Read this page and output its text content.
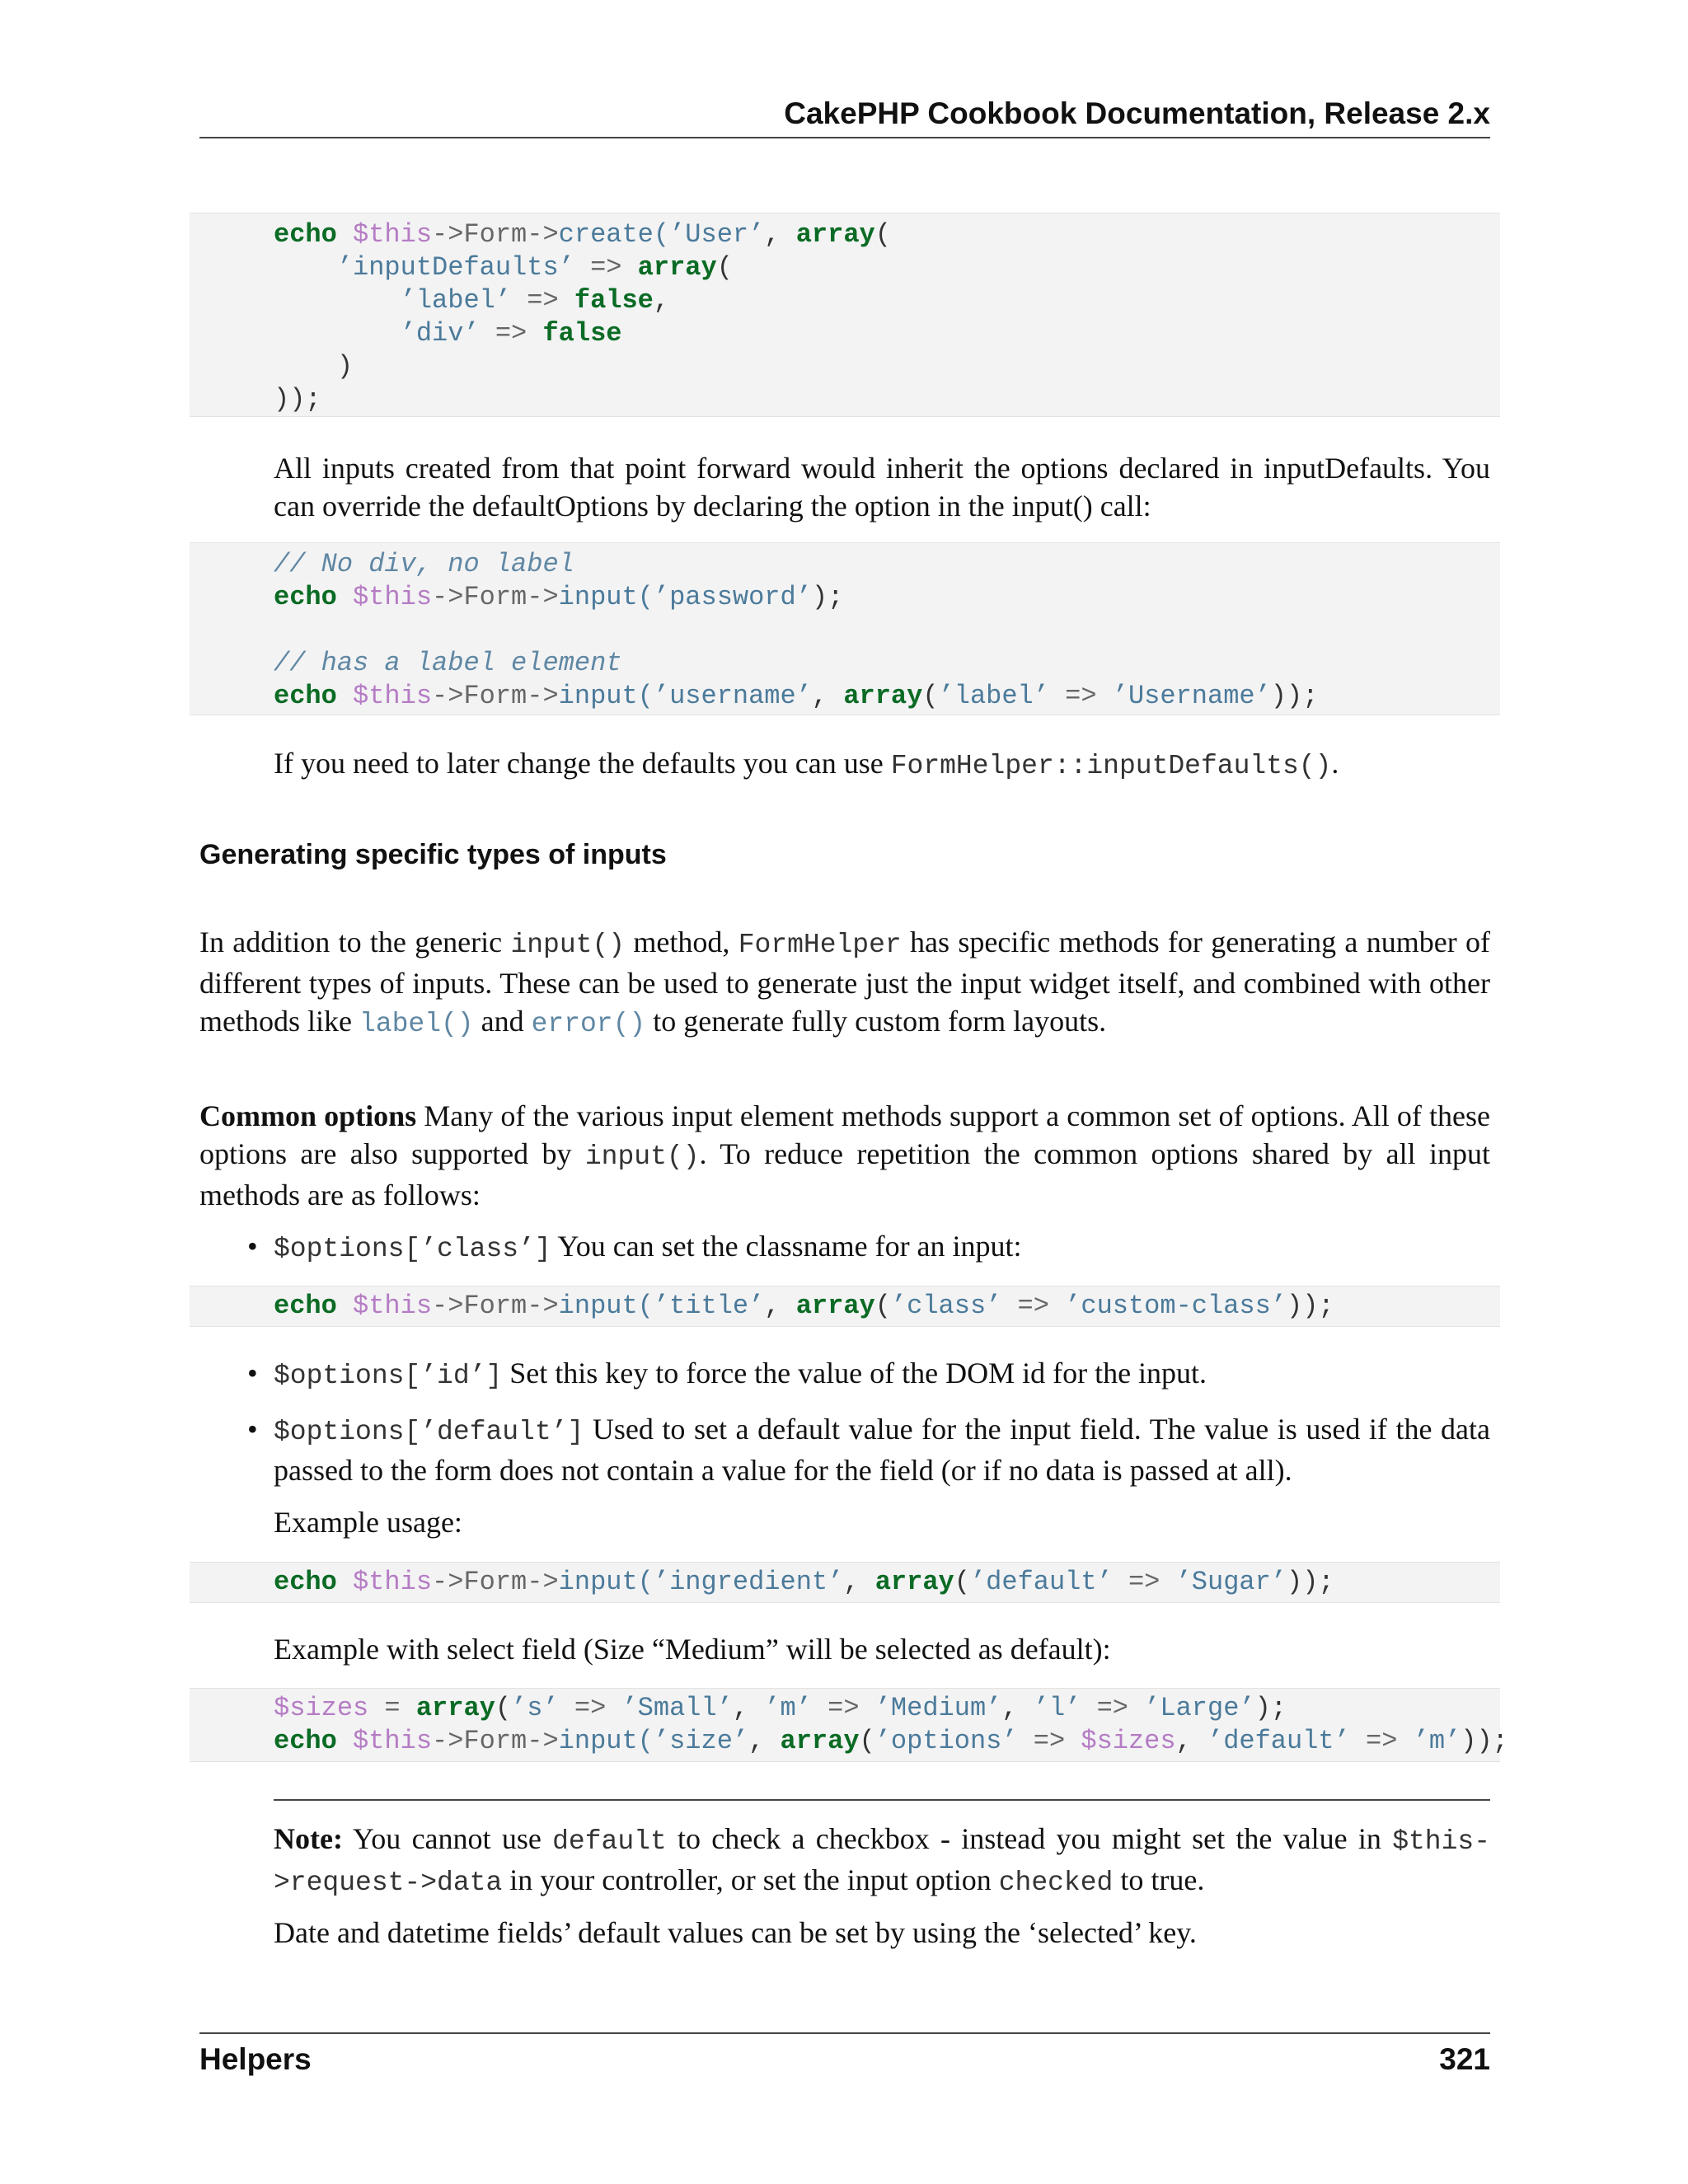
CakePHP Cookbook Documentation, Release 2.x
echo $this->Form->create(’User’, array(
’inputDefaults’ => array(
’label’ => false,
’div’ => false
)
));
All inputs created from that point forward would inherit the options declared in inputDefaults. You can override the defaultOptions by declaring the option in the input() call:
// No div, no label
echo $this->Form->input(’password’);

// has a label element
echo $this->Form->input(’username’, array(’label’ => ’Username’));
If you need to later change the defaults you can use FormHelper::inputDefaults().
Generating specific types of inputs
In addition to the generic input() method, FormHelper has specific methods for generating a number of different types of inputs. These can be used to generate just the input widget itself, and combined with other methods like label() and error() to generate fully custom form layouts.
Common options Many of the various input element methods support a common set of options. All of these options are also supported by input(). To reduce repetition the common options shared by all input methods are as follows:
• $options[’class’] You can set the classname for an input:
echo $this->Form->input(’title’, array(’class’ => ’custom-class’));
• $options[’id’] Set this key to force the value of the DOM id for the input.
• $options[’default’] Used to set a default value for the input field. The value is used if the data passed to the form does not contain a value for the field (or if no data is passed at all).
Example usage:
echo $this->Form->input(’ingredient’, array(’default’ => ’Sugar’));
Example with select field (Size “Medium” will be selected as default):
$sizes = array(’s’ => ’Small’, ’m’ => ’Medium’, ’l’ => ’Large’);
echo $this->Form->input(’size’, array(’options’ => $sizes, ’default’ => ’m’));
Note: You cannot use default to check a checkbox - instead you might set the value in $this->request->data in your controller, or set the input option checked to true.
Date and datetime fields’ default values can be set by using the ‘selected’ key.
Helpers	321
